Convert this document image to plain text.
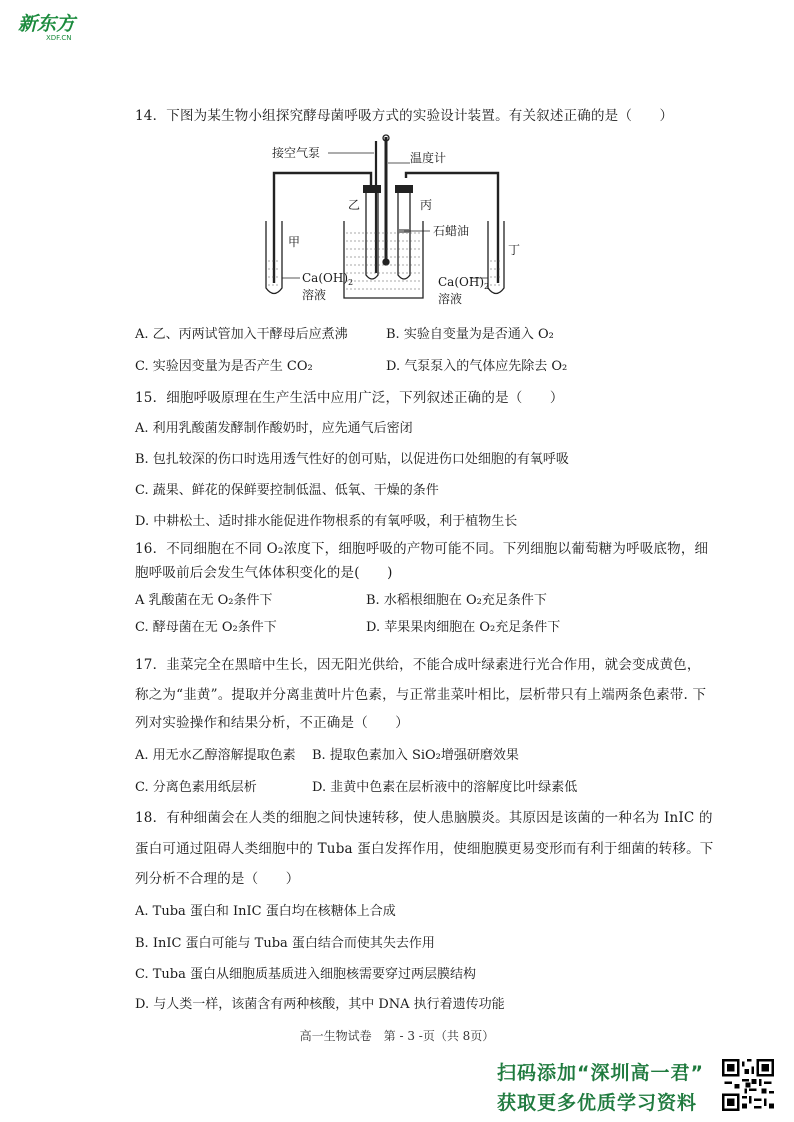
新东方
XDF.CN
14．下图为某生物小组探究酵母菌呼吸方式的实验设计装置。有关叙述正确的是（　　）
接空气泵	温度计
乙	丙
甲
丁
石蜡油
$Ca(OH)_2$
溶液
$Ca(OH)_2$
溶液
A. 乙、丙两试管加入干酵母后应煮沸	B. 实验自变量为是否通入 O₂
C. 实验因变量为是否产生 CO₂	D. 气泵泵入的气体应先除去 O₂
15．细胞呼吸原理在生产生活中应用广泛，下列叙述正确的是（　　）
A. 利用乳酸菌发酵制作酸奶时，应先通气后密闭
B. 包扎较深的伤口时选用透气性好的创可贴，以促进伤口处细胞的有氧呼吸
C. 蔬果、鲜花的保鲜要控制低温、低氧、干燥的条件
D. 中耕松土、适时排水能促进作物根系的有氧呼吸，利于植物生长
16．不同细胞在不同 O₂浓度下，细胞呼吸的产物可能不同。下列细胞以葡萄糖为呼吸底物，细
胞呼吸前后会发生气体体积变化的是(　　)
A 乳酸菌在无 O₂条件下	B. 水稻根细胞在 O₂充足条件下
C. 酵母菌在无 O₂条件下	D. 苹果果肉细胞在 O₂充足条件下
17．韭菜完全在黑暗中生长，因无阳光供给，不能合成叶绿素进行光合作用，就会变成黄色，
称之为“韭黄”。提取并分离韭黄叶片色素，与正常韭菜叶相比，层析带只有上端两条色素带. 下
列对实验操作和结果分析，不正确是（　　）
A. 用无水乙醇溶解提取色素 B. 提取色素加入 SiO₂增强研磨效果
C. 分离色素用纸层析	D. 韭黄中色素在层析液中的溶解度比叶绿素低
18．有种细菌会在人类的细胞之间快速转移，使人患脑膜炎。其原因是该菌的一种名为 InIC 的
蛋白可通过阻碍人类细胞中的 Tuba 蛋白发挥作用，使细胞膜更易变形而有利于细菌的转移。下
列分析不合理的是（　　）
A. Tuba 蛋白和 InIC 蛋白均在核糖体上合成
B. InIC 蛋白可能与 Tuba 蛋白结合而使其失去作用
C. Tuba 蛋白从细胞质基质进入细胞核需要穿过两层膜结构
D. 与人类一样，该菌含有两种核酸，其中 DNA 执行着遗传功能
高一生物试卷　第 - 3 -页（共 8页）
扫码添加“深圳高一君”
获取更多优质学习资料
